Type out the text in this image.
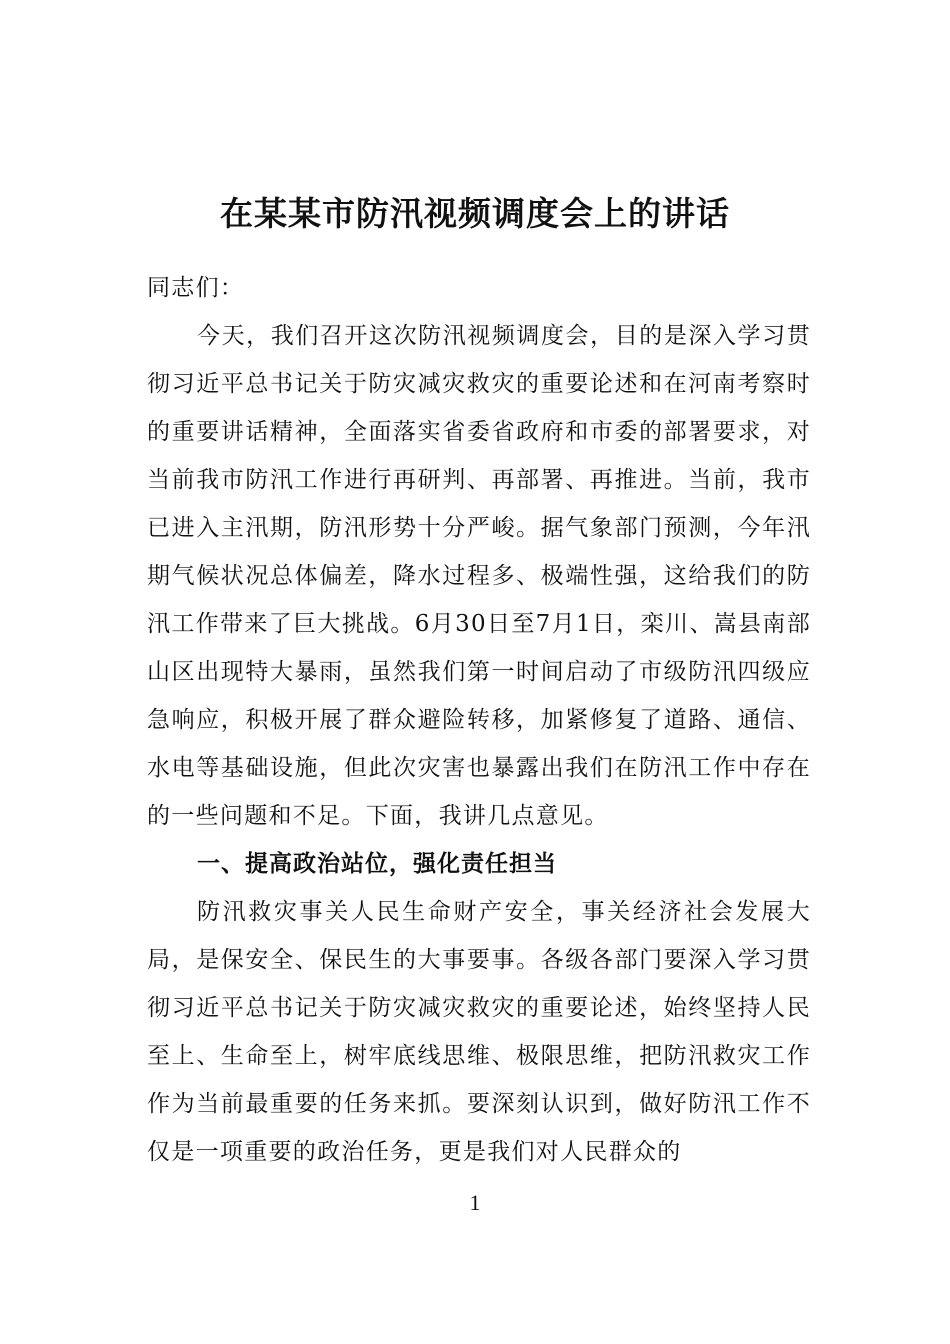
在某某市防汛视频调度会上的讲话

同志们：

今天，我们召开这次防汛视频调度会，目的是深入学习贯彻习近平总书记关于防灾减灾救灾的重要论述和在河南考察时的重要讲话精神，全面落实省委省政府和市委的部署要求，对当前我市防汛工作进行再研判、再部署、再推进。当前，我市已进入主汛期，防汛形势十分严峻。据气象部门预测，今年汛期气候状况总体偏差，降水过程多、极端性强，这给我们的防汛工作带来了巨大挑战。6月30日至7月1日，栾川、嵩县南部山区出现特大暴雨，虽然我们第一时间启动了市级防汛四级应急响应，积极开展了群众避险转移，加紧修复了道路、通信、水电等基础设施，但此次灾害也暴露出我们在防汛工作中存在的一些问题和不足。下面，我讲几点意见。

一、提高政治站位，强化责任担当

防汛救灾事关人民生命财产安全，事关经济社会发展大局，是保安全、保民生的大事要事。各级各部门要深入学习贯彻习近平总书记关于防灾减灾救灾的重要论述，始终坚持人民至上、生命至上，树牢底线思维、极限思维，把防汛救灾工作作为当前最重要的任务来抓。要深刻认识到，做好防汛工作不仅是一项重要的政治任务，更是我们对人民群众的

1
